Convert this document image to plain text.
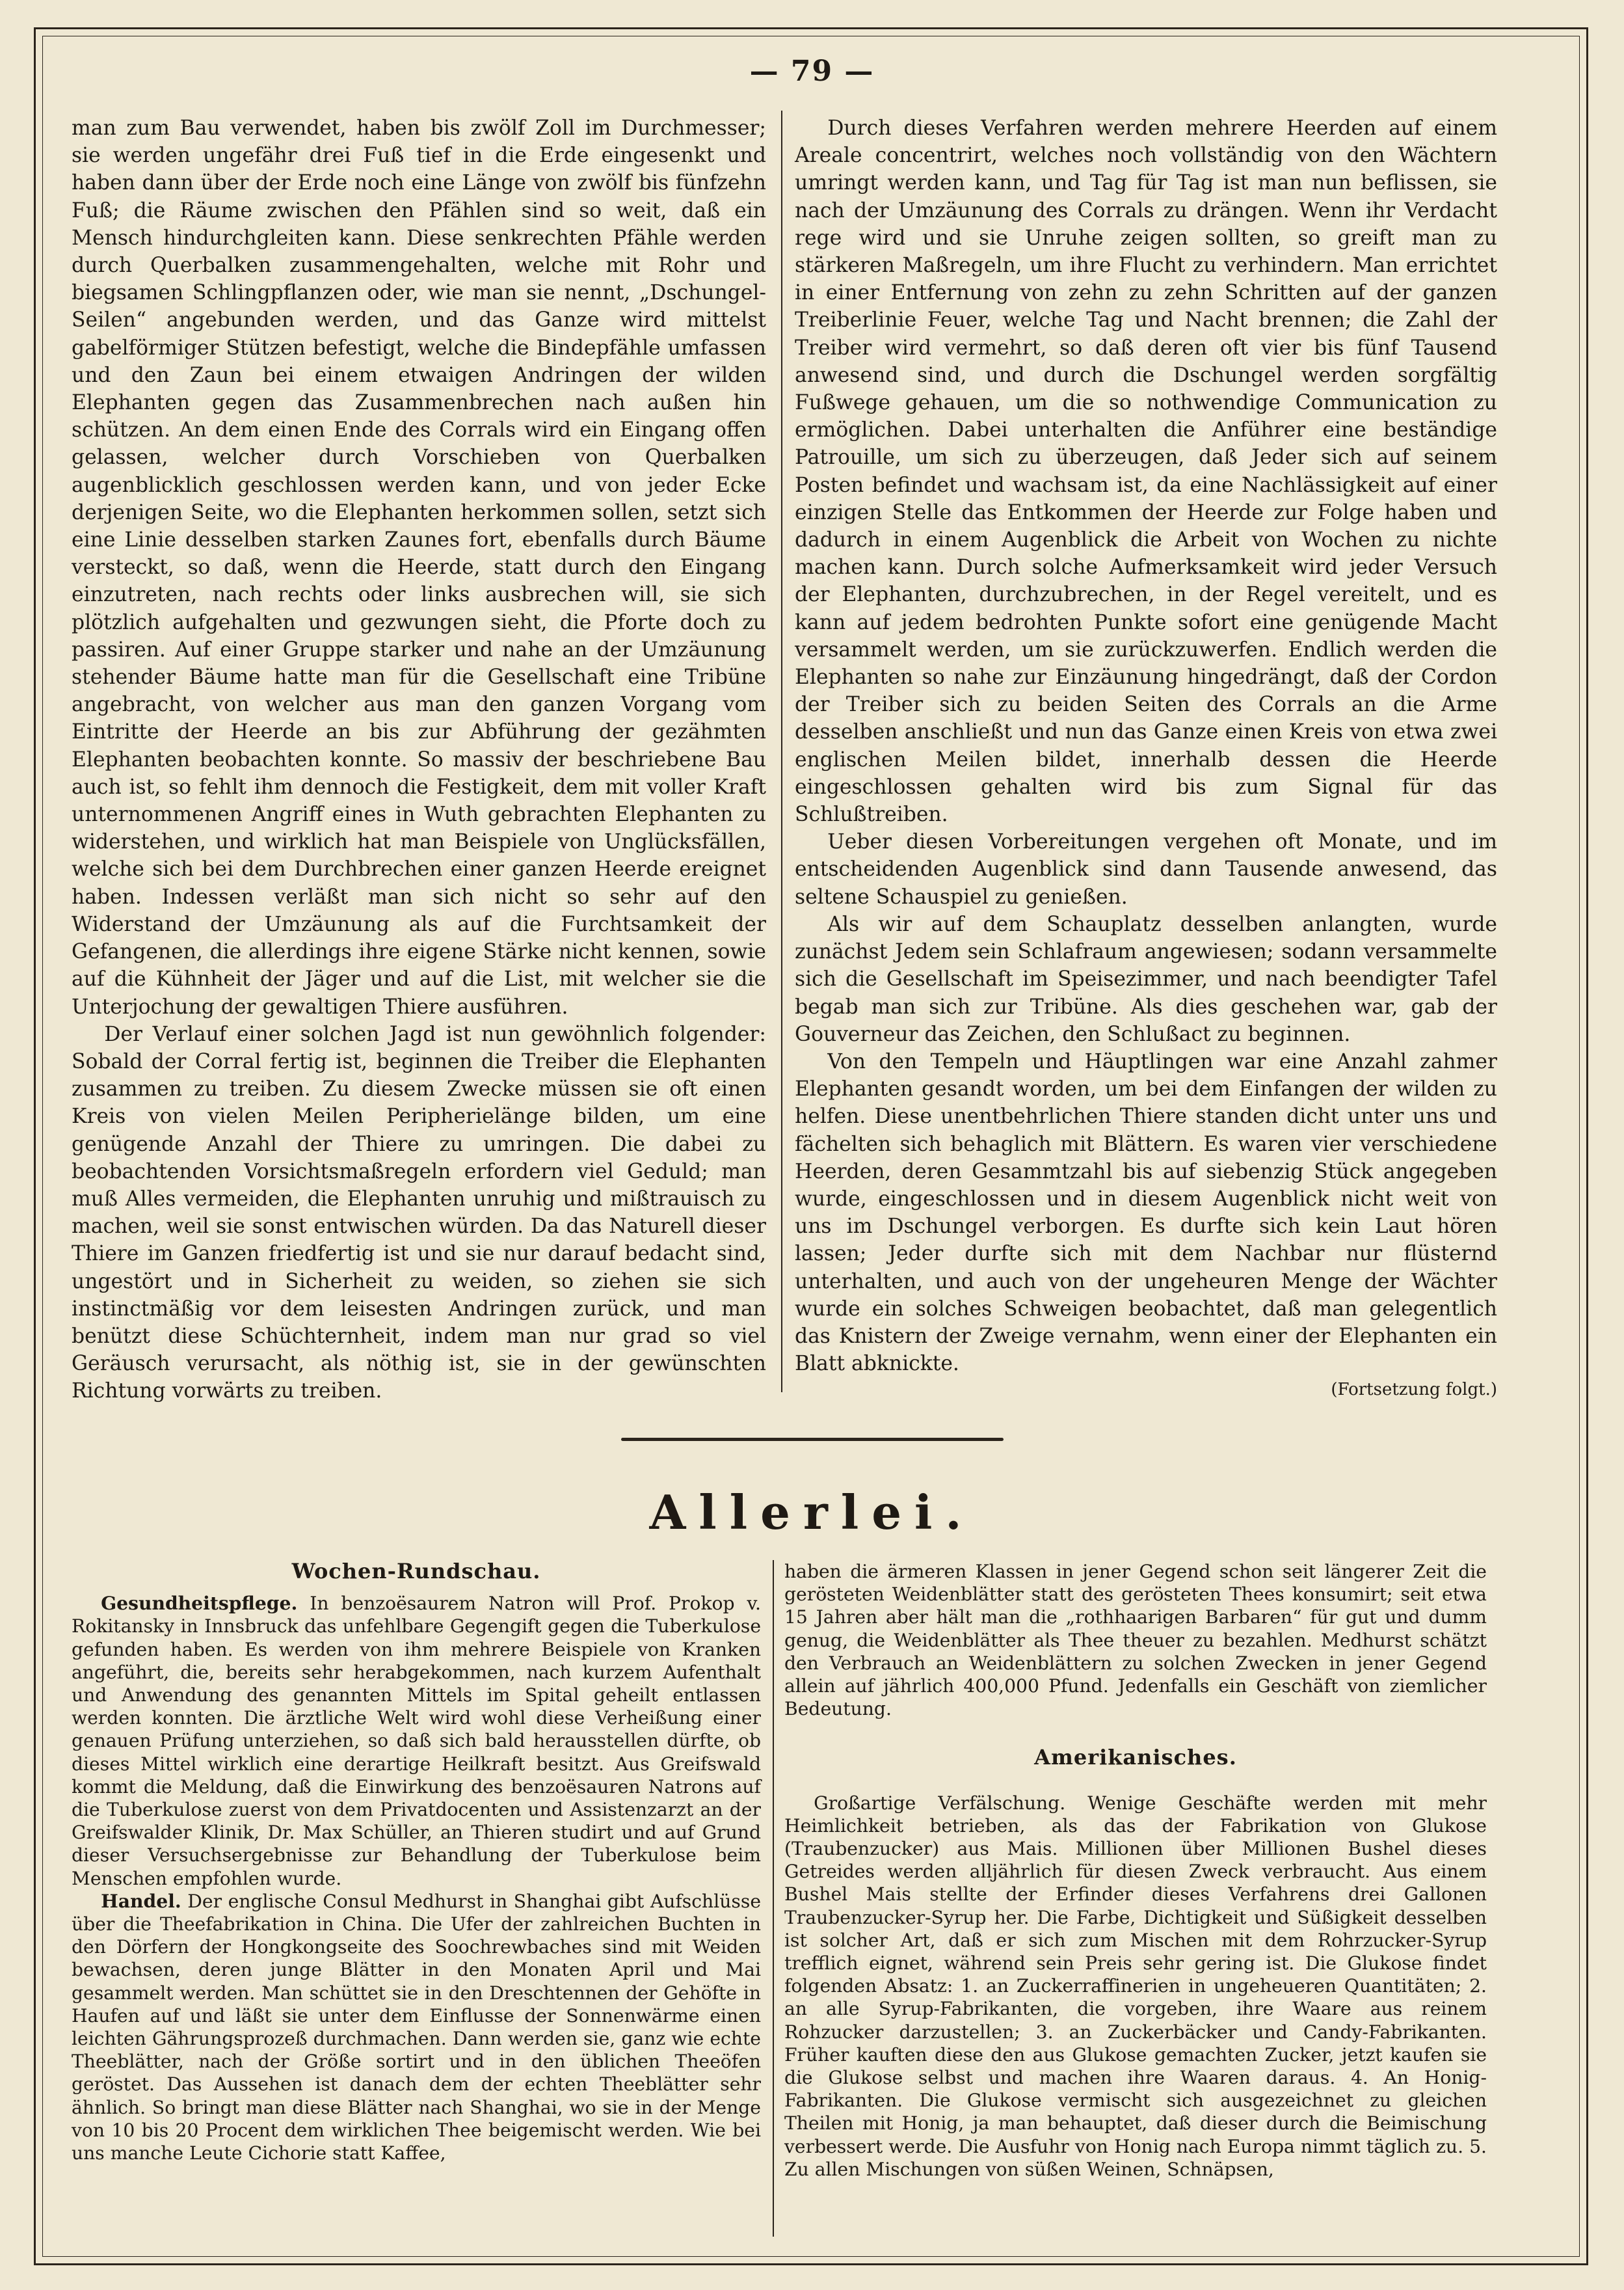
— 79 —

man zum Bau verwendet, haben bis zwölf Zoll im Durchmesser; sie werden ungefähr drei Fuß tief in die Erde eingesenkt und haben dann über der Erde noch eine Länge von zwölf bis fünfzehn Fuß; die Räume zwischen den Pfählen sind so weit, daß ein Mensch hindurchgleiten kann. Diese senkrechten Pfähle werden durch Querbalken zusammengehalten, welche mit Rohr und biegsamen Schlingpflanzen oder, wie man sie nennt, „Dschungel-Seilen“ angebunden werden, und das Ganze wird mittelst gabelförmiger Stützen befestigt, welche die Bindepfähle umfassen und den Zaun bei einem etwaigen Andringen der wilden Elephanten gegen das Zusammenbrechen nach außen hin schützen. An dem einen Ende des Corrals wird ein Eingang offen gelassen, welcher durch Vorschieben von Querbalken augenblicklich geschlossen werden kann, und von jeder Ecke derjenigen Seite, wo die Elephanten herkommen sollen, setzt sich eine Linie desselben starken Zaunes fort, ebenfalls durch Bäume versteckt, so daß, wenn die Heerde, statt durch den Eingang einzutreten, nach rechts oder links ausbrechen will, sie sich plötzlich aufgehalten und gezwungen sieht, die Pforte doch zu passiren. Auf einer Gruppe starker und nahe an der Umzäunung stehender Bäume hatte man für die Gesellschaft eine Tribüne angebracht, von welcher aus man den ganzen Vorgang vom Eintritte der Heerde an bis zur Abführung der gezähmten Elephanten beobachten konnte. So massiv der beschriebene Bau auch ist, so fehlt ihm dennoch die Festigkeit, dem mit voller Kraft unternommenen Angriff eines in Wuth gebrachten Elephanten zu widerstehen, und wirklich hat man Beispiele von Unglücksfällen, welche sich bei dem Durchbrechen einer ganzen Heerde ereignet haben. Indessen verläßt man sich nicht so sehr auf den Widerstand der Umzäunung als auf die Furchtsamkeit der Gefangenen, die allerdings ihre eigene Stärke nicht kennen, sowie auf die Kühnheit der Jäger und auf die List, mit welcher sie die Unterjochung der gewaltigen Thiere ausführen.

Der Verlauf einer solchen Jagd ist nun gewöhnlich folgender: Sobald der Corral fertig ist, beginnen die Treiber die Elephanten zusammen zu treiben. Zu diesem Zwecke müssen sie oft einen Kreis von vielen Meilen Peripherielänge bilden, um eine genügende Anzahl der Thiere zu umringen. Die dabei zu beobachtenden Vorsichtsmaßregeln erfordern viel Geduld; man muß Alles vermeiden, die Elephanten unruhig und mißtrauisch zu machen, weil sie sonst entwischen würden. Da das Naturell dieser Thiere im Ganzen friedfertig ist und sie nur darauf bedacht sind, ungestört und in Sicherheit zu weiden, so ziehen sie sich instinctmäßig vor dem leisesten Andringen zurück, und man benützt diese Schüchternheit, indem man nur grad so viel Geräusch verursacht, als nöthig ist, sie in der gewünschten Richtung vorwärts zu treiben.

Durch dieses Verfahren werden mehrere Heerden auf einem Areale concentrirt, welches noch vollständig von den Wächtern umringt werden kann, und Tag für Tag ist man nun beflissen, sie nach der Umzäunung des Corrals zu drängen. Wenn ihr Verdacht rege wird und sie Unruhe zeigen sollten, so greift man zu stärkeren Maßregeln, um ihre Flucht zu verhindern. Man errichtet in einer Entfernung von zehn zu zehn Schritten auf der ganzen Treiberlinie Feuer, welche Tag und Nacht brennen; die Zahl der Treiber wird vermehrt, so daß deren oft vier bis fünf Tausend anwesend sind, und durch die Dschungel werden sorgfältig Fußwege gehauen, um die so nothwendige Communication zu ermöglichen. Dabei unterhalten die Anführer eine beständige Patrouille, um sich zu überzeugen, daß Jeder sich auf seinem Posten befindet und wachsam ist, da eine Nachlässigkeit auf einer einzigen Stelle das Entkommen der Heerde zur Folge haben und dadurch in einem Augenblick die Arbeit von Wochen zu nichte machen kann. Durch solche Aufmerksamkeit wird jeder Versuch der Elephanten, durchzubrechen, in der Regel vereitelt, und es kann auf jedem bedrohten Punkte sofort eine genügende Macht versammelt werden, um sie zurückzuwerfen. Endlich werden die Elephanten so nahe zur Einzäunung hingedrängt, daß der Cordon der Treiber sich zu beiden Seiten des Corrals an die Arme desselben anschließt und nun das Ganze einen Kreis von etwa zwei englischen Meilen bildet, innerhalb dessen die Heerde eingeschlossen gehalten wird bis zum Signal für das Schlußtreiben.

Ueber diesen Vorbereitungen vergehen oft Monate, und im entscheidenden Augenblick sind dann Tausende anwesend, das seltene Schauspiel zu genießen.

Als wir auf dem Schauplatz desselben anlangten, wurde zunächst Jedem sein Schlafraum angewiesen; sodann versammelte sich die Gesellschaft im Speisezimmer, und nach beendigter Tafel begab man sich zur Tribüne. Als dies geschehen war, gab der Gouverneur das Zeichen, den Schlußact zu beginnen.

Von den Tempeln und Häuptlingen war eine Anzahl zahmer Elephanten gesandt worden, um bei dem Einfangen der wilden zu helfen. Diese unentbehrlichen Thiere standen dicht unter uns und fächelten sich behaglich mit Blättern. Es waren vier verschiedene Heerden, deren Gesammtzahl bis auf siebenzig Stück angegeben wurde, eingeschlossen und in diesem Augenblick nicht weit von uns im Dschungel verborgen. Es durfte sich kein Laut hören lassen; Jeder durfte sich mit dem Nachbar nur flüsternd unterhalten, und auch von der ungeheuren Menge der Wächter wurde ein solches Schweigen beobachtet, daß man gelegentlich das Knistern der Zweige vernahm, wenn einer der Elephanten ein Blatt abknickte.

(Fortsetzung folgt.)
Allerlei.
Wochen-Rundschau.

Gesundheitspflege. In benzoësaurem Natron will Prof. Prokop v. Rokitansky in Innsbruck das unfehlbare Gegengift gegen die Tuberkulose gefunden haben. Es werden von ihm mehrere Beispiele von Kranken angeführt, die, bereits sehr herabgekommen, nach kurzem Aufenthalt und Anwendung des genannten Mittels im Spital geheilt entlassen werden konnten. Die ärztliche Welt wird wohl diese Verheißung einer genauen Prüfung unterziehen, so daß sich bald herausstellen dürfte, ob dieses Mittel wirklich eine derartige Heilkraft besitzt. Aus Greifswald kommt die Meldung, daß die Einwirkung des benzoësauren Natrons auf die Tuberkulose zuerst von dem Privatdocenten und Assistenzarzt an der Greifswalder Klinik, Dr. Max Schüller, an Thieren studirt und auf Grund dieser Versuchsergebnisse zur Behandlung der Tuberkulose beim Menschen empfohlen wurde.

Handel. Der englische Consul Medhurst in Shanghai gibt Aufschlüsse über die Theefabrikation in China. Die Ufer der zahlreichen Buchten in den Dörfern der Hongkongseite des Soochrewbaches sind mit Weiden bewachsen, deren junge Blätter in den Monaten April und Mai gesammelt werden. Man schüttet sie in den Dreschtennen der Gehöfte in Haufen auf und läßt sie unter dem Einflusse der Sonnenwärme einen leichten Gährungsprozeß durchmachen. Dann werden sie, ganz wie echte Theeblätter, nach der Größe sortirt und in den üblichen Theeöfen geröstet. Das Aussehen ist danach dem der echten Theeblätter sehr ähnlich. So bringt man diese Blätter nach Shanghai, wo sie in der Menge von 10 bis 20 Procent dem wirklichen Thee beigemischt werden. Wie bei uns manche Leute Cichorie statt Kaffee,

haben die ärmeren Klassen in jener Gegend schon seit längerer Zeit die gerösteten Weidenblätter statt des gerösteten Thees konsumirt; seit etwa 15 Jahren aber hält man die „rothhaarigen Barbaren“ für gut und dumm genug, die Weidenblätter als Thee theuer zu bezahlen. Medhurst schätzt den Verbrauch an Weidenblättern zu solchen Zwecken in jener Gegend allein auf jährlich 400,000 Pfund. Jedenfalls ein Geschäft von ziemlicher Bedeutung.

Amerikanisches.

Großartige Verfälschung. Wenige Geschäfte werden mit mehr Heimlichkeit betrieben, als das der Fabrikation von Glukose (Traubenzucker) aus Mais. Millionen über Millionen Bushel dieses Getreides werden alljährlich für diesen Zweck verbraucht. Aus einem Bushel Mais stellte der Erfinder dieses Verfahrens drei Gallonen Traubenzucker-Syrup her. Die Farbe, Dichtigkeit und Süßigkeit desselben ist solcher Art, daß er sich zum Mischen mit dem Rohrzucker-Syrup trefflich eignet, während sein Preis sehr gering ist. Die Glukose findet folgenden Absatz: 1. an Zuckerraffinerien in ungeheueren Quantitäten; 2. an alle Syrup-Fabrikanten, die vorgeben, ihre Waare aus reinem Rohzucker darzustellen; 3. an Zuckerbäcker und Candy-Fabrikanten. Früher kauften diese den aus Glukose gemachten Zucker, jetzt kaufen sie die Glukose selbst und machen ihre Waaren daraus. 4. An Honig-Fabrikanten. Die Glukose vermischt sich ausgezeichnet zu gleichen Theilen mit Honig, ja man behauptet, daß dieser durch die Beimischung verbessert werde. Die Ausfuhr von Honig nach Europa nimmt täglich zu. 5. Zu allen Mischungen von süßen Weinen, Schnäpsen,
